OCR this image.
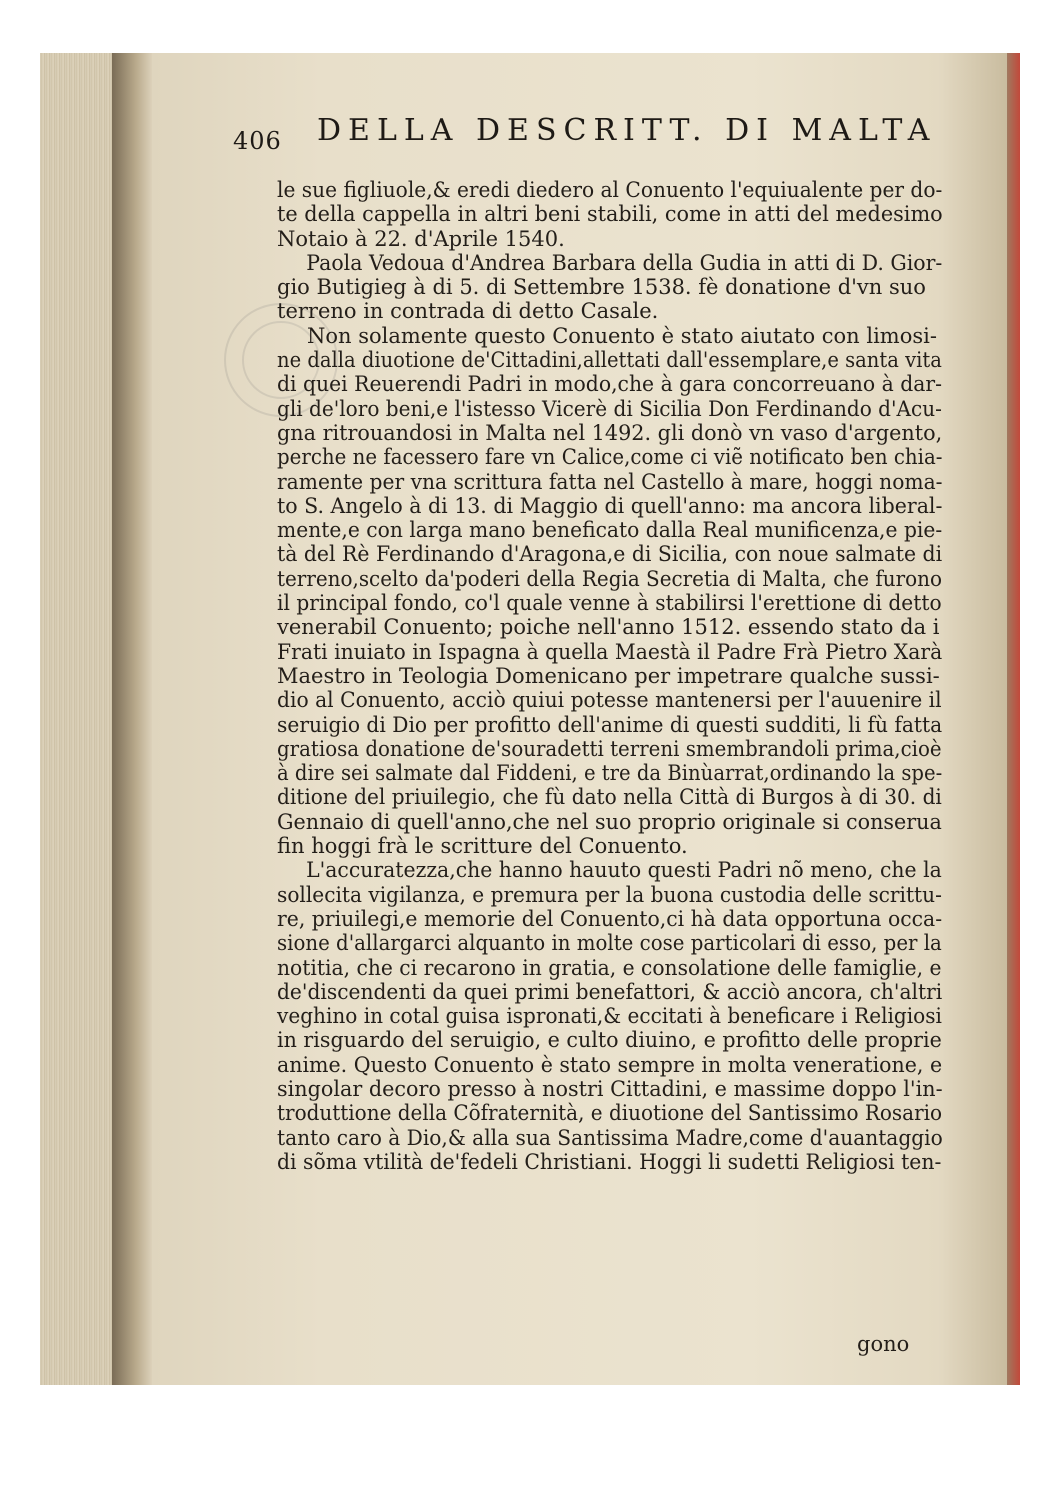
406 DELLA DESCRITT. DI MALTA
le sue figliuole,& eredi diedero al Conuento l'equiualente per do-
te della cappella in altri beni stabili, come in atti del medesimo
Notaio à 22. d'Aprile 1540.
Paola Vedoua d'Andrea Barbara della Gudia in atti di D. Gior-
gio Butigieg à di 5. di Settembre 1538. fè donatione d'vn suo
terreno in contrada di detto Casale.
Non solamente questo Conuento è stato aiutato con limosi-
ne dalla diuotione de'Cittadini,allettati dall'essemplare,e santa vita
di quei Reuerendi Padri in modo,che à gara concorreuano à dar-
gli de'loro beni,e l'istesso Vicerè di Sicilia Don Ferdinando d'Acu-
gna ritrouandosi in Malta nel 1492. gli donò vn vaso d'argento,
perche ne facessero fare vn Calice,come ci viẽ notificato ben chia-
ramente per vna scrittura fatta nel Castello à mare, hoggi noma-
to S. Angelo à di 13. di Maggio di quell'anno: ma ancora liberal-
mente,e con larga mano beneficato dalla Real munificenza,e pie-
tà del Rè Ferdinando d'Aragona,e di Sicilia, con noue salmate di
terreno,scelto da'poderi della Regia Secretia di Malta, che furono
il principal fondo, co'l quale venne à stabilirsi l'erettione di detto
venerabil Conuento; poiche nell'anno 1512. essendo stato da i
Frati inuiato in Ispagna à quella Maestà il Padre Frà Pietro Xarà
Maestro in Teologia Domenicano per impetrare qualche sussi-
dio al Conuento, acciò quiui potesse mantenersi per l'auuenire il
seruigio di Dio per profitto dell'anime di questi sudditi, li fù fatta
gratiosa donatione de'souradetti terreni smembrandoli prima,cioè
à dire sei salmate dal Fiddeni, e tre da Binùarrat,ordinando la spe-
ditione del priuilegio, che fù dato nella Città di Burgos à di 30. di
Gennaio di quell'anno,che nel suo proprio originale si conserua
fin hoggi frà le scritture del Conuento.
L'accuratezza,che hanno hauuto questi Padri nõ meno, che la
sollecita vigilanza, e premura per la buona custodia delle scrittu-
re, priuilegi,e memorie del Conuento,ci hà data opportuna occa-
sione d'allargarci alquanto in molte cose particolari di esso, per la
notitia, che ci recarono in gratia, e consolatione delle famiglie, e
de'discendenti da quei primi benefattori, & acciò ancora, ch'altri
veghino in cotal guisa ispronati,& eccitati à beneficare i Religiosi
in risguardo del seruigio, e culto diuino, e profitto delle proprie
anime. Questo Conuento è stato sempre in molta veneratione, e
singolar decoro presso à nostri Cittadini, e massime doppo l'in-
troduttione della Cõfraternità, e diuotione del Santissimo Rosario
tanto caro à Dio,& alla sua Santissima Madre,come d'auantaggio
di sõma vtilità de'fedeli Christiani. Hoggi li sudetti Religiosi ten-
gono
